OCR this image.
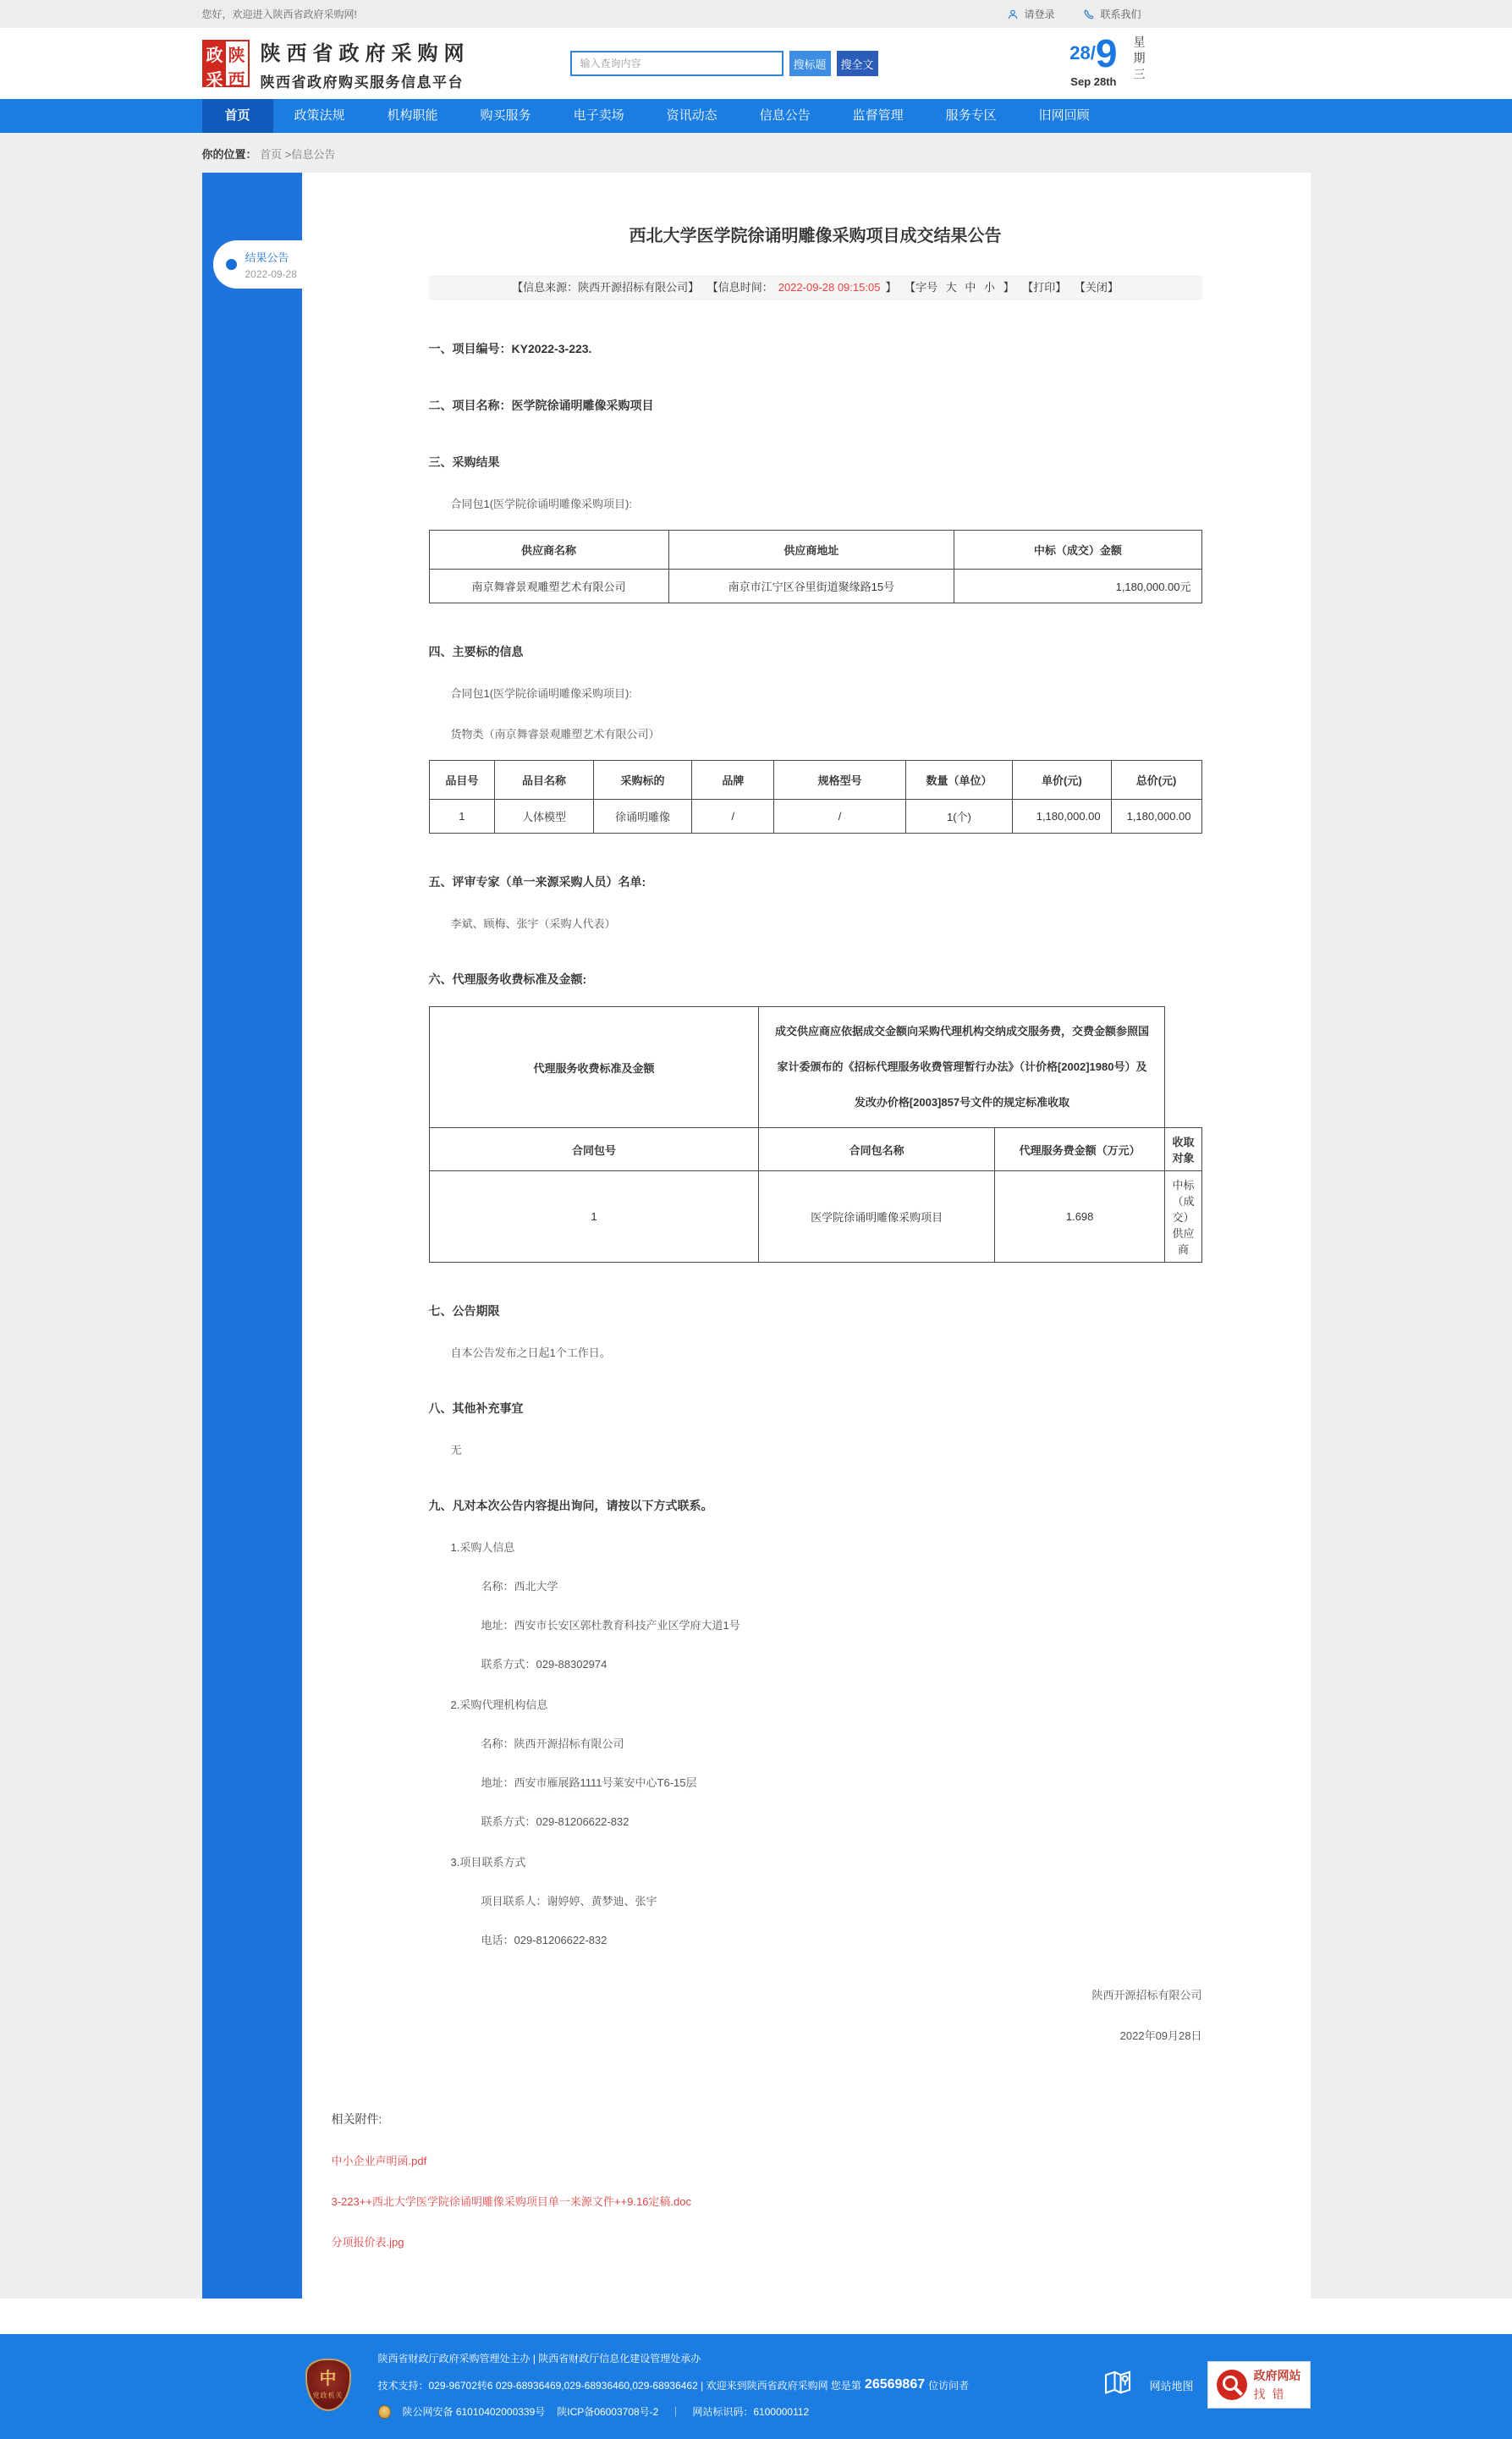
您好，欢迎进入陕西省政府采购网!	请登录	联系我们
政
采
陕
西
陕西省政府采购网
陕西省政府购买服务信息平台
输入查询内容
搜标题	搜全文
28 / 9
Sep 28th 星期三
首页	政策法规	机构职能	购买服务	电子卖场	资讯动态	信息公告	监督管理	服务专区	旧网回顾
你的位置： 首页 >信息公告
结果公告
2022-09-28
西北大学医学院徐诵明雕像采购项目成交结果公告
【信息来源：陕西开源招标有限公司】 【信息时间： 2022-09-28 09:15:05 】 【字号 大 中 小 】 【打印】 【关闭】
一、项目编号：KY2022-3-223.
二、项目名称：医学院徐诵明雕像采购项目
三、采购结果

合同包1(医学院徐诵明雕像采购项目):

供应商名称	供应商地址	中标（成交）金额
南京舞睿景观雕塑艺术有限公司	南京市江宁区谷里街道聚缘路15号	1,180,000.00元
四、主要标的信息

合同包1(医学院徐诵明雕像采购项目):

货物类（南京舞睿景观雕塑艺术有限公司）

品目号	品目名称	采购标的	品牌	规格型号	数量（单位）	单价(元)	总价(元)
1	人体模型	徐诵明雕像	/	/	1(个)	1,180,000.00	1,180,000.00
五、评审专家（单一来源采购人员）名单:

李斌、顾梅、张宇（采购人代表）

六、代理服务收费标准及金额:
代理服务收费标准及金额	成交供应商应依据成交金额向采购代理机构交纳成交服务费，交费金额参照国家计委颁布的《招标代理服务收费管理暂行办法》（计价格[2002]1980号）及发改办价格[2003]857号文件的规定标准收取		
合同包号	合同包名称	代理服务费金额（万元）	收取对象
1	医学院徐诵明雕像采购项目	1.698	中标（成交）供应商
七、公告期限

自本公告发布之日起1个工作日。

八、其他补充事宜

无

九、凡对本次公告内容提出询问，请按以下方式联系。

1.采购人信息

名称：西北大学

地址：西安市长安区郭杜教育科技产业区学府大道1号

联系方式：029-88302974

2.采购代理机构信息

名称：陕西开源招标有限公司

地址：西安市雁展路1111号莱安中心T6-15层

联系方式：029-81206622-832

3.项目联系方式

项目联系人：谢婷婷、黄梦迪、张宇

电话：029-81206622-832

陕西开源招标有限公司
2022年09月28日
相关附件:
中小企业声明函.pdf
3-223++西北大学医学院徐诵明雕像采购项目单一来源文件++9.16定稿.doc
分项报价表.jpg
中
党政机关
陕西省财政厅政府采购管理处主办 | 陕西省财政厅信息化建设管理处承办
技术支持：029-96702转6 029-68936469,029-68936460,029-68936462 | 欢迎来到陕西省政府采购网 您是第 26569867 位访问者
陕公网安备 61010402000339号 陕ICP备06003708号-2 ｜ 网站标识码：6100000112
网站地图
政府网站
找错
